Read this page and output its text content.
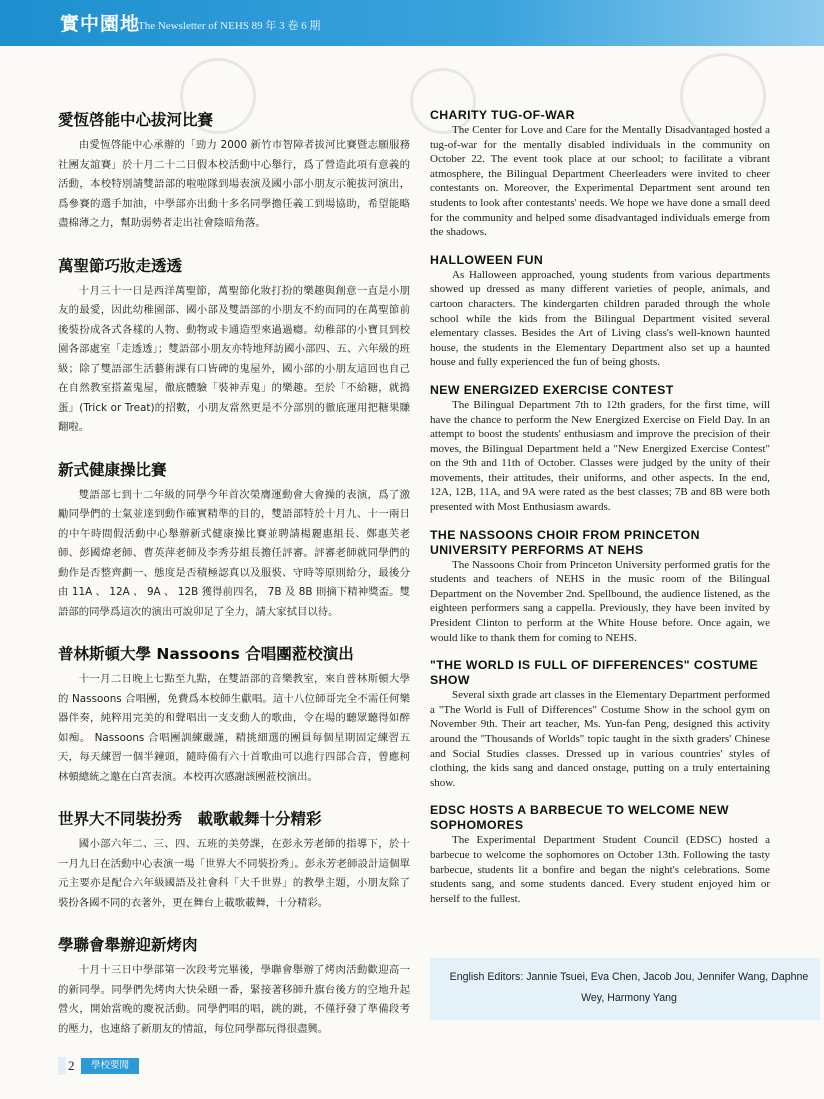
實中園地
The Newsletter of NEHS 89 年 3 卷 6 期
愛恆啓能中心拔河比賽

由愛恆啓能中心承辦的「勁力 2000 新竹市智障者拔河比賽暨志願服務社團友誼賽」於十月二十二日假本校活動中心舉行，爲了營造此項有意義的活動，本校特別請雙語部的啦啦隊到場表演及國小部小朋友示範拔河演出，爲參賽的選手加油，中學部亦出動十多名同學擔任義工到場協助，希望能略盡棉薄之力，幫助弱勢者走出社會陰暗角落。

萬聖節巧妝走透透

十月三十一日是西洋萬聖節，萬聖節化妝打扮的樂趣與創意一直是小朋友的最愛，因此幼稚園部、國小部及雙語部的小朋友不約而同的在萬聖節前後裝扮成各式各樣的人物、動物或卡通造型來過過癮。幼稚部的小寶貝到校園各部處室「走透透」；雙語部小朋友亦特地拜訪國小部四、五、六年級的班級；除了雙語部生活藝術課有口皆碑的鬼屋外，國小部的小朋友這回也自己在自然教室搭蓋鬼屋，徹底體驗「裝神弄鬼」的樂趣。至於「不給糖，就搗蛋」(Trick or Treat)的招數，小朋友當然更是不分部別的徹底運用把糖果賺翻啦。

新式健康操比賽

雙語部七到十二年級的同學今年首次榮膺運動會大會操的表演，爲了激勵同學們的士氣並達到動作確實精準的目的，雙語部特於十月九、十一兩日的中午時間假活動中心舉辦新式健康操比賽並聘請楊麗惠組長、鄭惠芙老師、彭國煒老師、曹英萍老師及李秀芬組長擔任評審。評審老師就同學們的動作是否整齊劃一、態度是否積極認真以及服裝、守時等原則給分，最後分由 11A 、 12A 、 9A 、 12B 獲得前四名， 7B 及 8B 則摘下精神獎盃。雙語部的同學爲這次的演出可說卯足了全力，請大家拭目以待。

普林斯頓大學 Nassoons 合唱團蒞校演出

十一月二日晚上七點至九點，在雙語部的音樂教室，來自普林斯頓大學的 Nassoons 合唱團，免費爲本校師生獻唱。這十八位師哥完全不需任何樂器伴奏，純粹用完美的和聲唱出一支支動人的歌曲，令在場的聽眾聽得如醉如痴。 Nassoons 合唱團訓練嚴謹，精挑細選的團員每個星期固定練習五天，每天練習一個半鐘頭，隨時備有六十首歌曲可以進行四部合音，曾應柯林頓總統之邀在白宮表演。本校再次感謝該團蒞校演出。

世界大不同裝扮秀　載歌載舞十分精彩

國小部六年二、三、四、五班的美勞課，在彭永芳老師的指導下，於十一月九日在活動中心表演一場「世界大不同裝扮秀」。彭永芳老師設計這個單元主要亦是配合六年級國語及社會科「大千世界」的教學主題，小朋友除了裝扮各國不同的衣著外，更在舞台上載歌載舞，十分精彩。

學聯會舉辦迎新烤肉

十月十三日中學部第一次段考完畢後，學聯會舉辦了烤肉活動歡迎高一的新同學。同學們先烤肉大快朵頤一番，緊接著移師升旗台後方的空地升起營火，開始當晚的慶祝活動。同學們唱的唱，跳的跳，不僅抒發了準備段考的壓力，也連絡了新朋友的情誼，每位同學都玩得很盡興。

CHARITY TUG-OF-WAR

The Center for Love and Care for the Mentally Disadvantaged hosted a tug-of-war for the mentally disabled individuals in the community on October 22. The event took place at our school; to facilitate a vibrant atmosphere, the Bilingual Department Cheerleaders were invited to cheer contestants on. Moreover, the Experimental Department sent around ten students to look after contestants' needs. We hope we have done a small deed for the community and helped some disadvantaged individuals emerge from the shadows.

HALLOWEEN FUN

As Halloween approached, young students from various departments showed up dressed as many different varieties of people, animals, and cartoon characters. The kindergarten children paraded through the whole school while the kids from the Bilingual Department visited several elementary classes. Besides the Art of Living class's well-known haunted house, the students in the Elementary Department also set up a haunted house and fully experienced the fun of being ghosts.

NEW ENERGIZED EXERCISE CONTEST

The Bilingual Department 7th to 12th graders, for the first time, will have the chance to perform the New Energized Exercise on Field Day. In an attempt to boost the students' enthusiasm and improve the precision of their moves, the Bilingual Department held a "New Energized Exercise Contest" on the 9th and 11th of October. Classes were judged by the unity of their movements, their attitudes, their uniforms, and other aspects. In the end, 12A, 12B, 11A, and 9A were rated as the best classes; 7B and 8B were both presented with Most Enthusiasm awards.

THE NASSOONS CHOIR FROM PRINCETON UNIVERSITY PERFORMS AT NEHS

The Nassoons Choir from Princeton University performed gratis for the students and teachers of NEHS in the music room of the Bilingual Department on the November 2nd. Spellbound, the audience listened, as the eighteen performers sang a cappella. Previously, they have been invited by President Clinton to perform at the White House before. Once again, we would like to thank them for coming to NEHS.

"THE WORLD IS FULL OF DIFFERENCES" COSTUME SHOW

Several sixth grade art classes in the Elementary Department performed a "The World is Full of Differences" Costume Show in the school gym on November 9th. Their art teacher, Ms. Yun-fan Peng, designed this activity around the "Thousands of Worlds" topic taught in the sixth graders' Chinese and Social Studies classes. Dressed up in various countries' styles of clothing, the kids sang and danced onstage, putting on a truly entertaining show.

EDSC HOSTS A BARBECUE TO WELCOME NEW SOPHOMORES

The Experimental Department Student Council (EDSC) hosted a barbecue to welcome the sophomores on October 13th. Following the tasty barbecue, students lit a bonfire and began the night's celebrations. Some students sang, and some students danced. Every student enjoyed him or herself to the fullest.

English Editors: Jannie Tsuei, Eva Chen, Jacob Jou, Jennifer Wang, Daphne Wey, Harmony Yang

2	學校要聞
